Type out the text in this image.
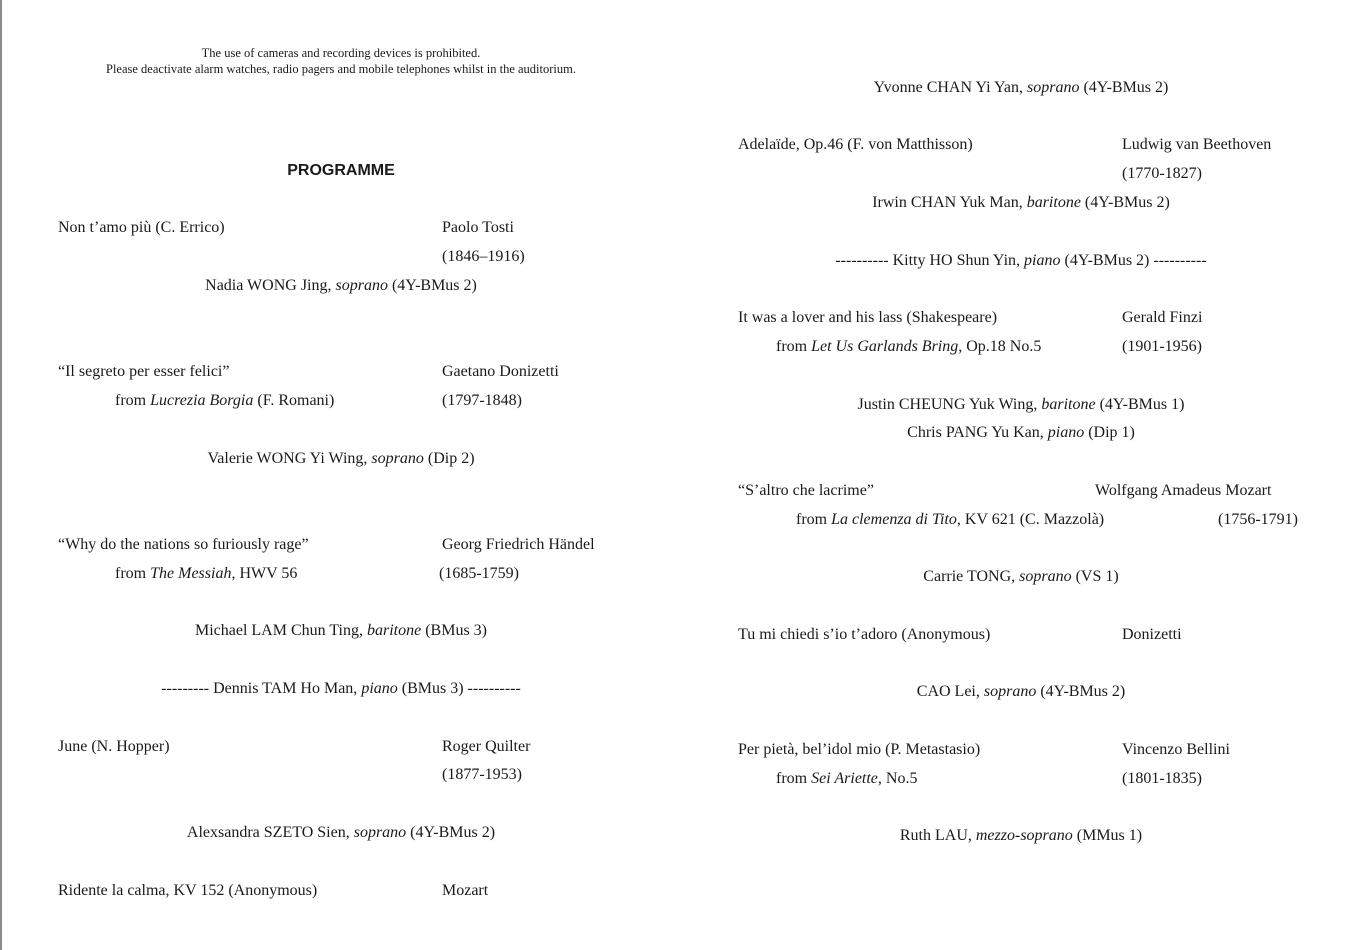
The use of cameras and recording devices is prohibited.
Please deactivate alarm watches, radio pagers and mobile telephones whilst in the auditorium.
PROGRAMME
Non t’amo più (C. Errico)	Paolo Tosti
(1846–1916)
Nadia WONG Jing, soprano (4Y-BMus 2)
“Il segreto per esser felici”	Gaetano Donizetti
from Lucrezia Borgia (F. Romani)	(1797-1848)
Valerie WONG Yi Wing, soprano (Dip 2)
“Why do the nations so furiously rage”	Georg Friedrich Händel
from The Messiah, HWV 56	(1685-1759)
Michael LAM Chun Ting, baritone (BMus 3)
--------- Dennis TAM Ho Man, piano (BMus 3) ----------
June (N. Hopper)	Roger Quilter
(1877-1953)
Alexsandra SZETO Sien, soprano (4Y-BMus 2)
Ridente la calma, KV 152 (Anonymous)	Mozart
Yvonne CHAN Yi Yan, soprano (4Y-BMus 2)
Adelaïde, Op.46 (F. von Matthisson)	Ludwig van Beethoven
(1770-1827)
Irwin CHAN Yuk Man, baritone (4Y-BMus 2)
---------- Kitty HO Shun Yin, piano (4Y-BMus 2) ----------
It was a lover and his lass (Shakespeare)	Gerald Finzi
from Let Us Garlands Bring, Op.18 No.5	(1901-1956)
Justin CHEUNG Yuk Wing, baritone (4Y-BMus 1)
Chris PANG Yu Kan, piano (Dip 1)
“S’altro che lacrime”	Wolfgang Amadeus Mozart
from La clemenza di Tito, KV 621 (C. Mazzolà)	(1756-1791)
Carrie TONG, soprano (VS 1)
Tu mi chiedi s’io t’adoro (Anonymous)	Donizetti
CAO Lei, soprano (4Y-BMus 2)
Per pietà, bel’idol mio (P. Metastasio)	Vincenzo Bellini
from Sei Ariette, No.5	(1801-1835)
Ruth LAU, mezzo-soprano (MMus 1)
